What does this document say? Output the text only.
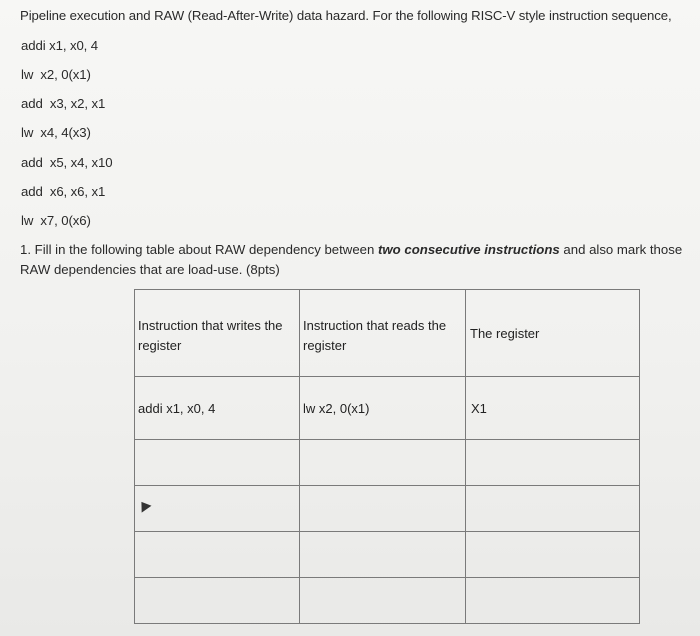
Pipeline execution and RAW (Read-After-Write) data hazard. For the following RISC-V style instruction sequence,
addi x1, x0, 4
lw  x2, 0(x1)
add  x3, x2, x1
lw  x4, 4(x3)
add  x5, x4, x10
add  x6, x6, x1
lw  x7, 0(x6)
1. Fill in the following table about RAW dependency between two consecutive instructions and also mark those RAW dependencies that are load-use. (8pts)
Instruction that writes the register	Instruction that reads the register	The register

addi x1, x0, 4	lw x2, 0(x1)	X1
